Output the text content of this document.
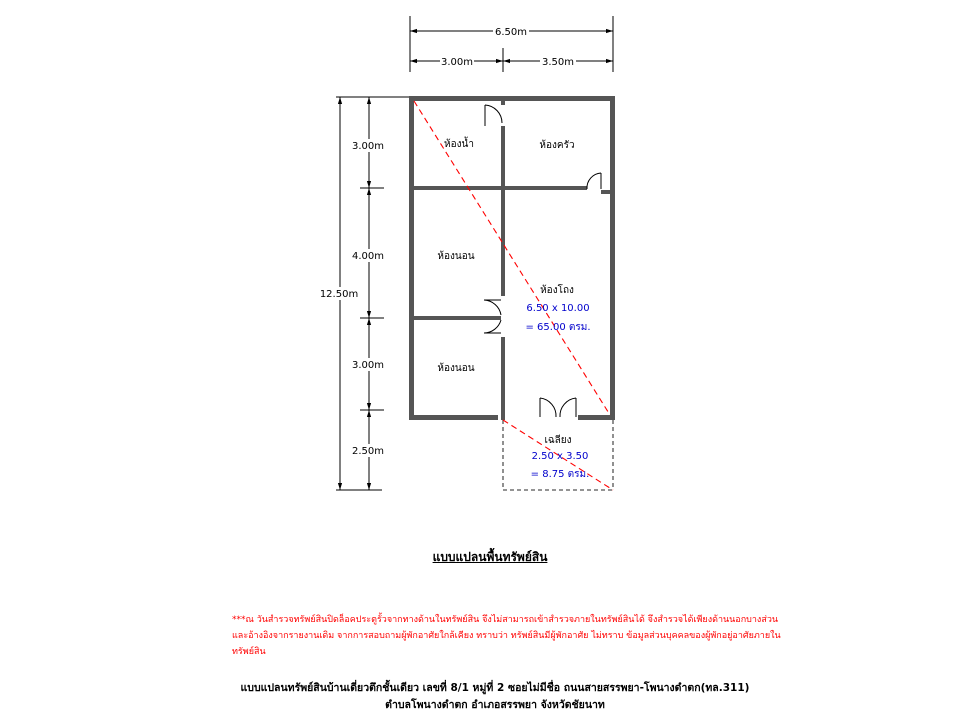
6.50m
3.00m	3.50m
12.50m
3.00m
4.00m
3.00m
2.50m
ห้องน้ำ	ห้องครัว
ห้องนอน
ห้องนอน
ห้องโถง
6.50 x 10.00
= 65.00 ตรม.
เฉลียง
2.50 x 3.50
= 8.75 ตรม.
แบบแปลนพื้นทรัพย์สิน
***ณ วันสำรวจทรัพย์สินปิดล็อคประตูรั้วจากทางด้านในทรัพย์สิน จึงไม่สามารถเข้าสำรวจภายในทรัพย์สินได้ จึงสำรวจได้เพียงด้านนอกบางส่วนและอ้างอิงจากรายงานเดิม จากการสอบถามผู้พักอาศัยใกล้เคียง ทราบว่า ทรัพย์สินมีผู้พักอาศัย ไม่ทราบ ข้อมูลส่วนบุคคลของผู้พักอยู่อาศัยภายในทรัพย์สิน
แบบแปลนทรัพย์สินบ้านเดี่ยวตึกชั้นเดียว เลขที่ 8/1 หมู่ที่ 2 ซอยไม่มีชื่อ ถนนสายสรรพยา-โพนางดำตก(ทล.311)
ตำบลโพนางดำตก อำเภอสรรพยา จังหวัดชัยนาท
